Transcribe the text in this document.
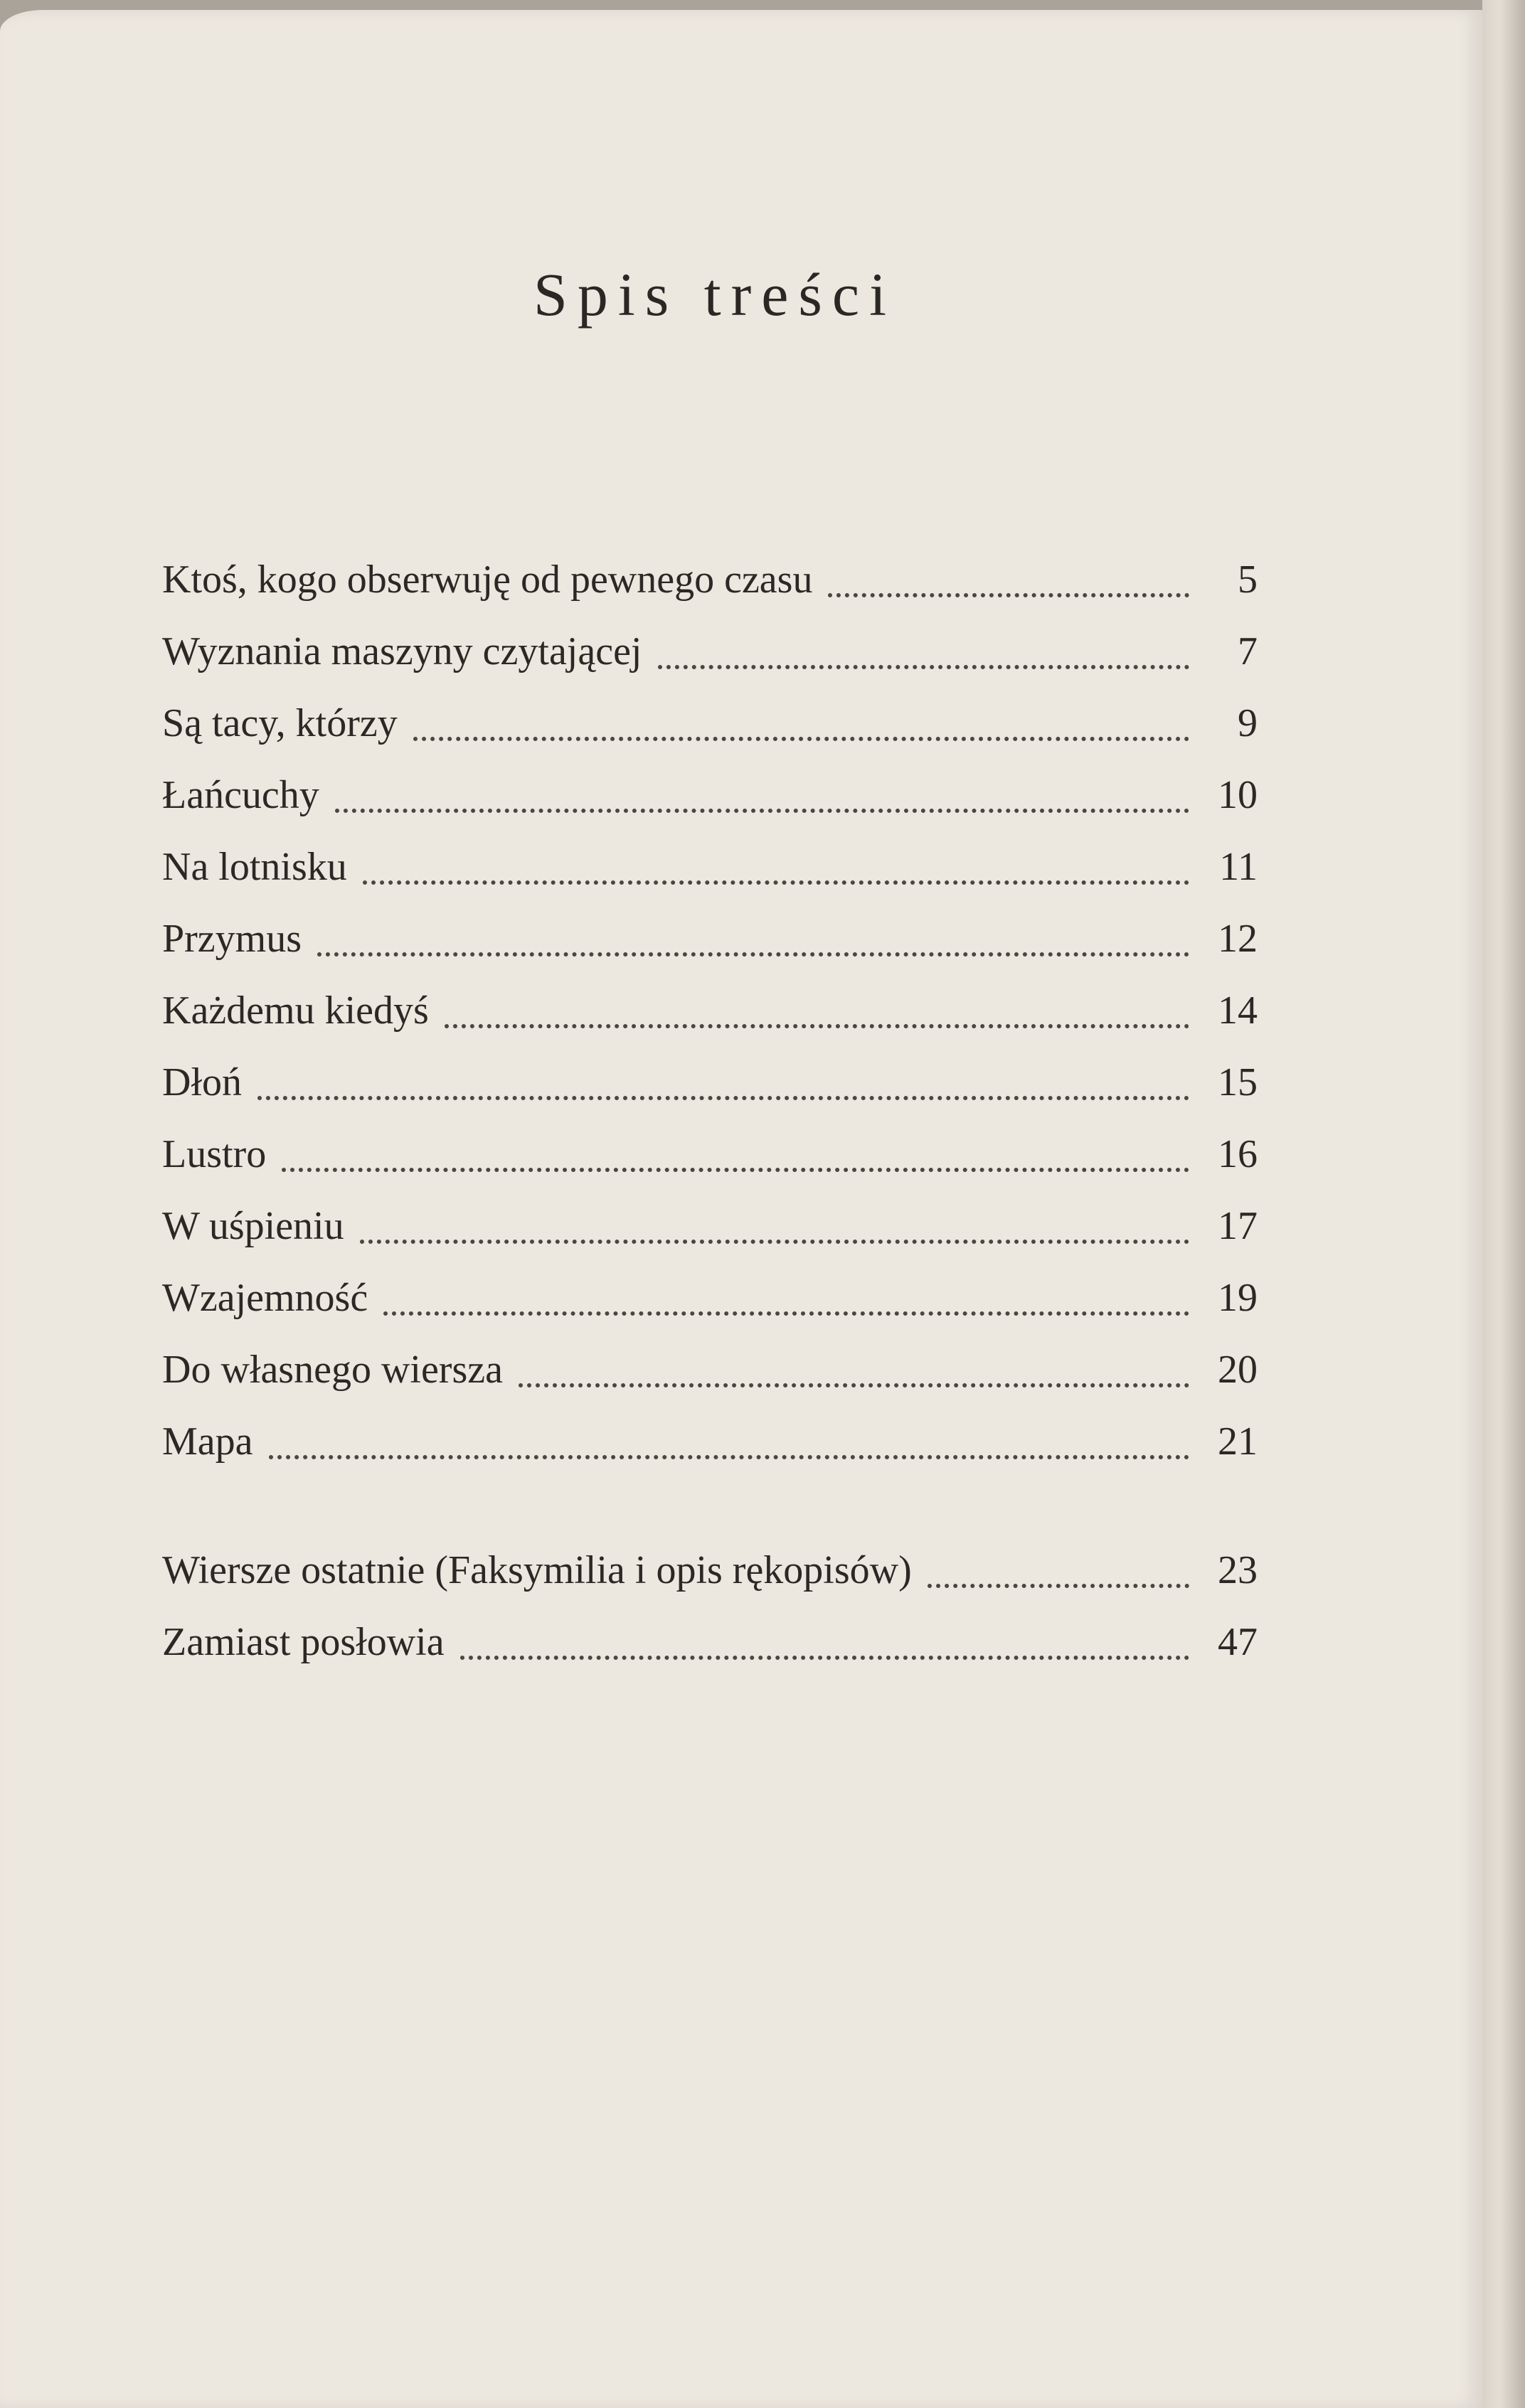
Spis treści
Ktoś, kogo obserwuję od pewnego czasu	5
Wyznania maszyny czytającej	7
Są tacy, którzy	9
Łańcuchy	10
Na lotnisku	11
Przymus	12
Każdemu kiedyś	14
Dłoń	15
Lustro	16
W uśpieniu	17
Wzajemność	19
Do własnego wiersza	20
Mapa	21
Wiersze ostatnie (Faksymilia i opis rękopisów)	23
Zamiast posłowia	47
